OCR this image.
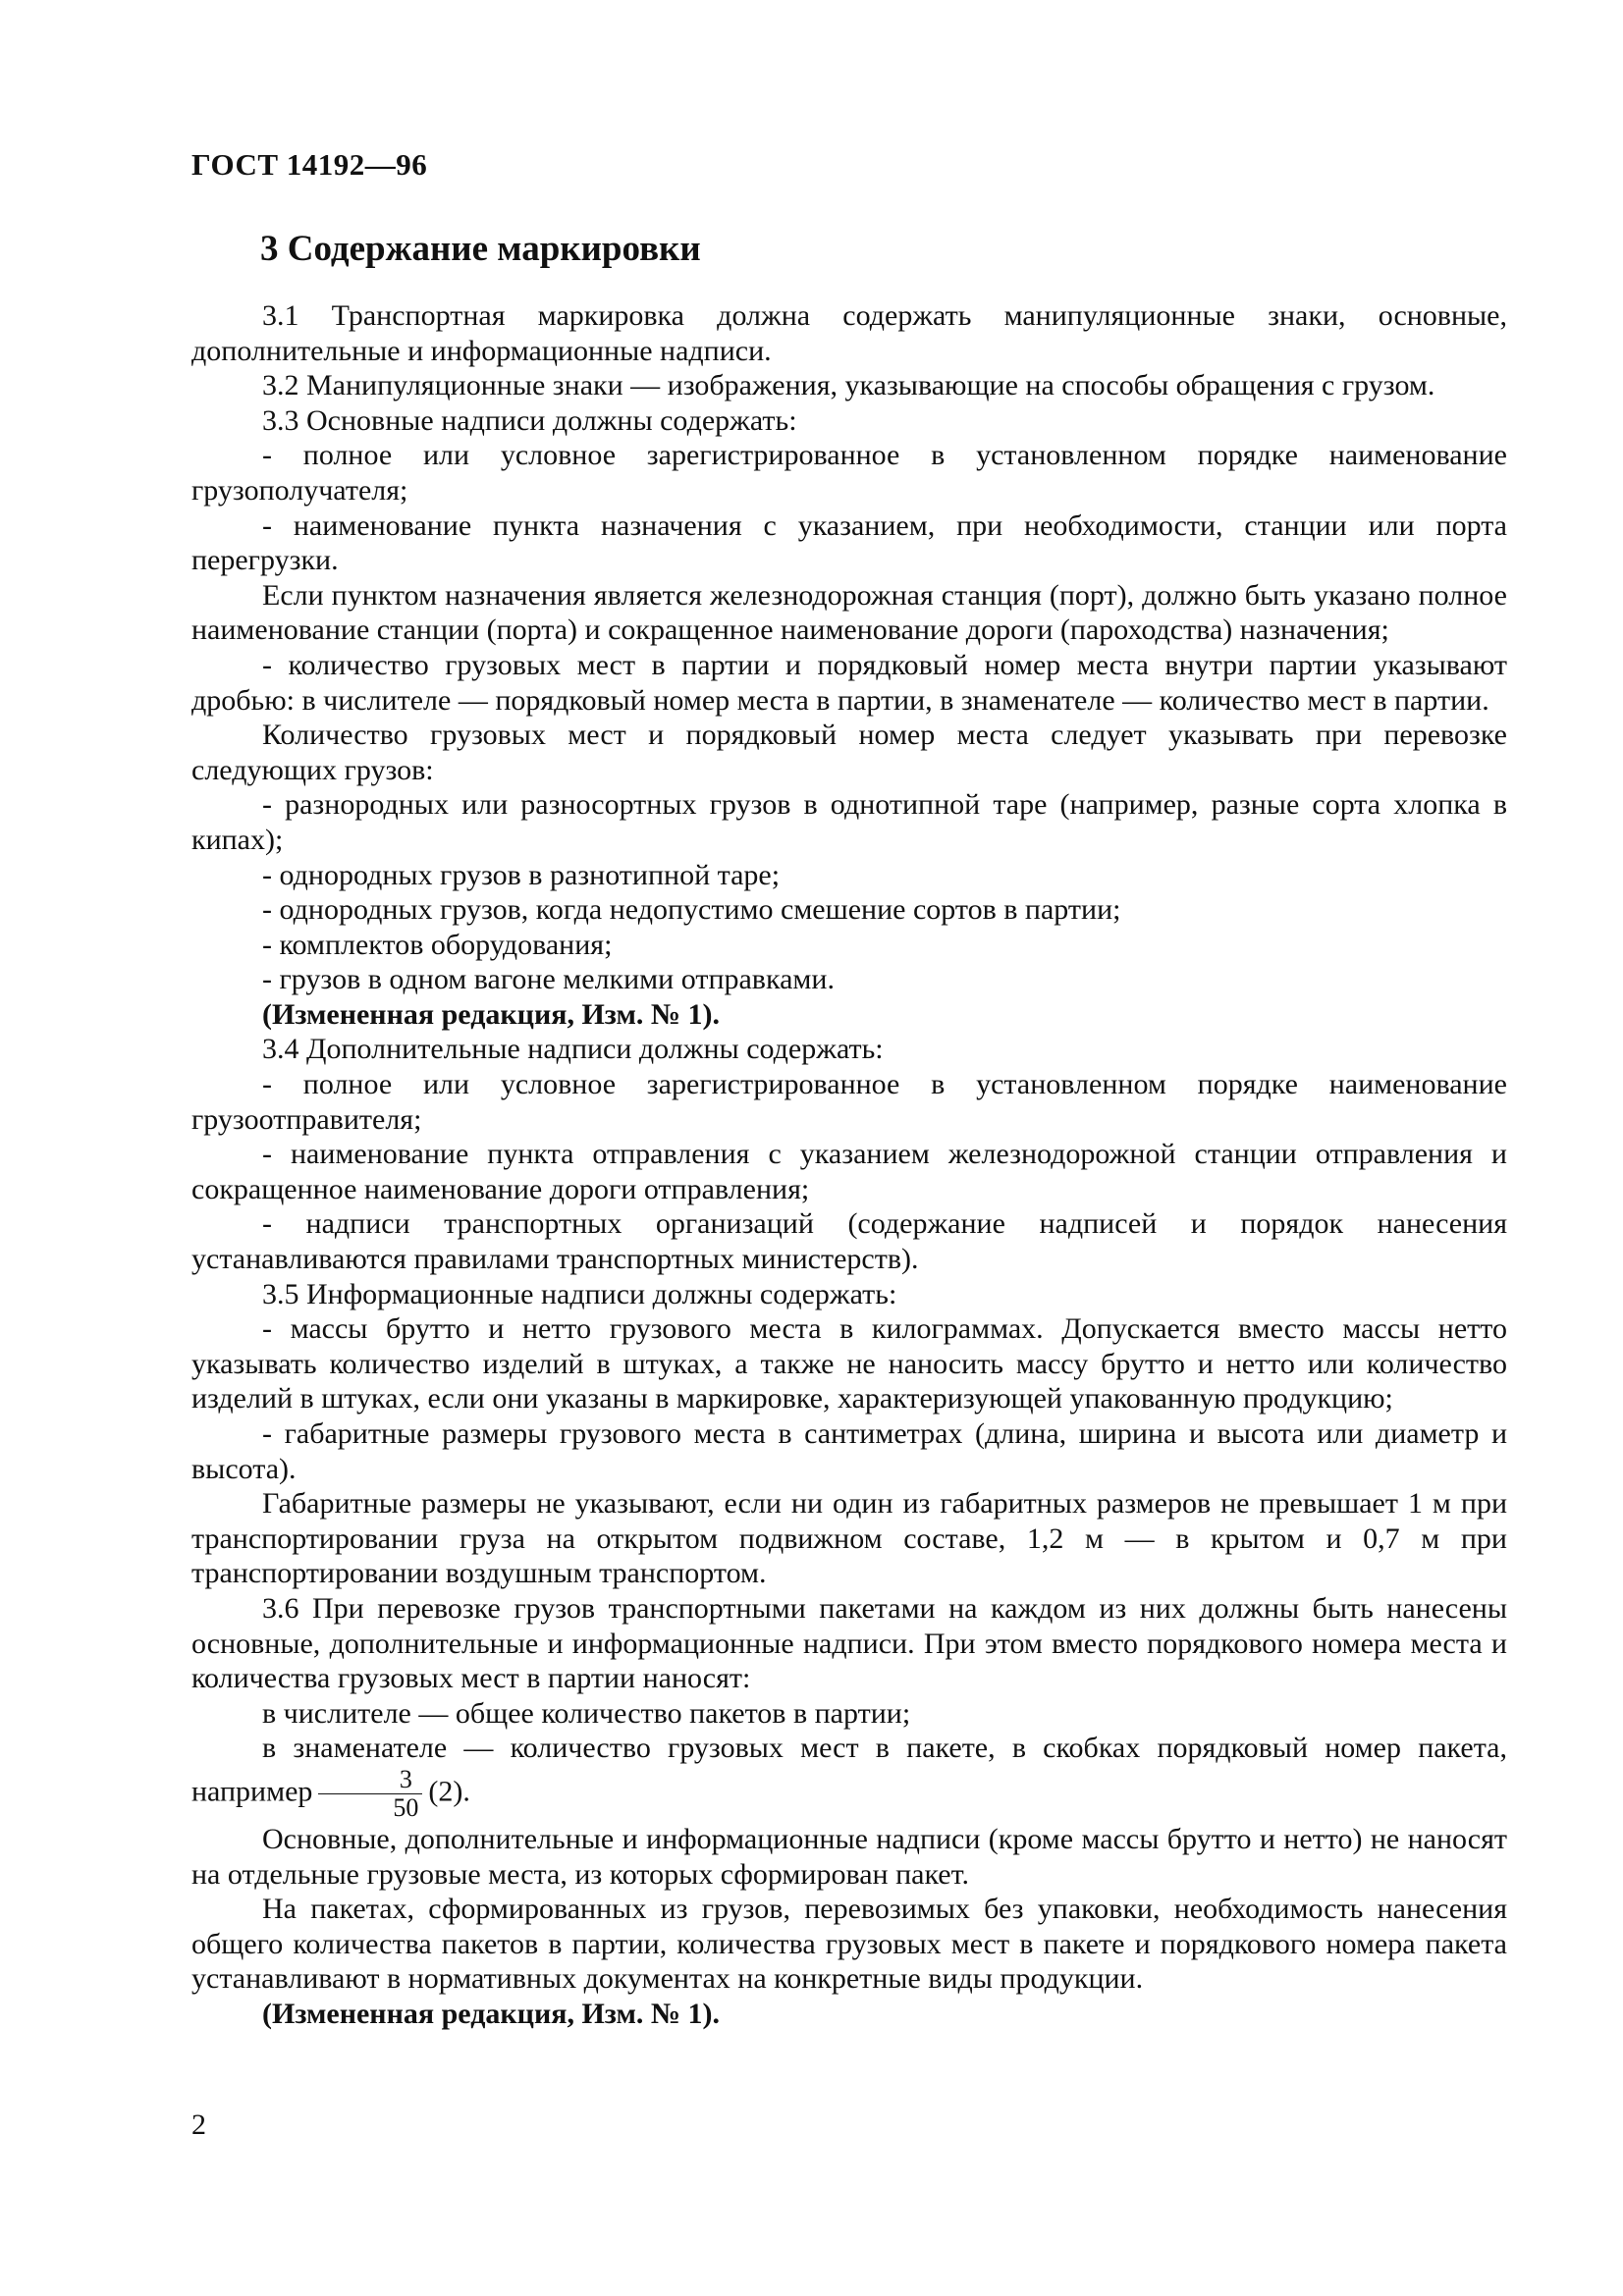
ГОСТ 14192—96
3 Содержание маркировки

3.1 Транспортная маркировка должна содержать манипуляционные знаки, основные, дополнительные и информационные надписи.

3.2 Манипуляционные знаки — изображения, указывающие на способы обращения с грузом.

3.3 Основные надписи должны содержать:

- полное или условное зарегистрированное в установленном порядке наименование грузополучателя;

- наименование пункта назначения с указанием, при необходимости, станции или порта перегрузки.

Если пунктом назначения является железнодорожная станция (порт), должно быть указано полное наименование станции (порта) и сокращенное наименование дороги (пароходства) назначения;

- количество грузовых мест в партии и порядковый номер места внутри партии указывают дробью: в числителе — порядковый номер места в партии, в знаменателе — количество мест в партии.

Количество грузовых мест и порядковый номер места следует указывать при перевозке следующих грузов:

- разнородных или разносортных грузов в однотипной таре (например, разные сорта хлопка в кипах);

- однородных грузов в разнотипной таре;

- однородных грузов, когда недопустимо смешение сортов в партии;

- комплектов оборудования;

- грузов в одном вагоне мелкими отправками.

(Измененная редакция, Изм. № 1).

3.4 Дополнительные надписи должны содержать:

- полное или условное зарегистрированное в установленном порядке наименование грузоотправителя;

- наименование пункта отправления с указанием железнодорожной станции отправления и сокращенное наименование дороги отправления;

- надписи транспортных организаций (содержание надписей и порядок нанесения устанавливаются правилами транспортных министерств).

3.5 Информационные надписи должны содержать:

- массы брутто и нетто грузового места в килограммах. Допускается вместо массы нетто указывать количество изделий в штуках, а также не наносить массу брутто и нетто или количество изделий в штуках, если они указаны в маркировке, характеризующей упакованную продукцию;

- габаритные размеры грузового места в сантиметрах (длина, ширина и высота или диаметр и высота).

Габаритные размеры не указывают, если ни один из габаритных размеров не превышает 1 м при транспортировании груза на открытом подвижном составе, 1,2 м — в крытом и 0,7 м при транспортировании воздушным транспортом.

3.6 При перевозке грузов транспортными пакетами на каждом из них должны быть нанесены основные, дополнительные и информационные надписи. При этом вместо порядкового номера места и количества грузовых мест в партии наносят:

в числителе — общее количество пакетов в партии;

в знаменателе — количество грузовых мест в пакете, в скобках порядковый номер пакета, например $\frac{3}{50} (2)$.

Основные, дополнительные и информационные надписи (кроме массы брутто и нетто) не наносят на отдельные грузовые места, из которых сформирован пакет.

На пакетах, сформированных из грузов, перевозимых без упаковки, необходимость нанесения общего количества пакетов в партии, количества грузовых мест в пакете и порядкового номера пакета устанавливают в нормативных документах на конкретные виды продукции.

(Измененная редакция, Изм. № 1).

2
